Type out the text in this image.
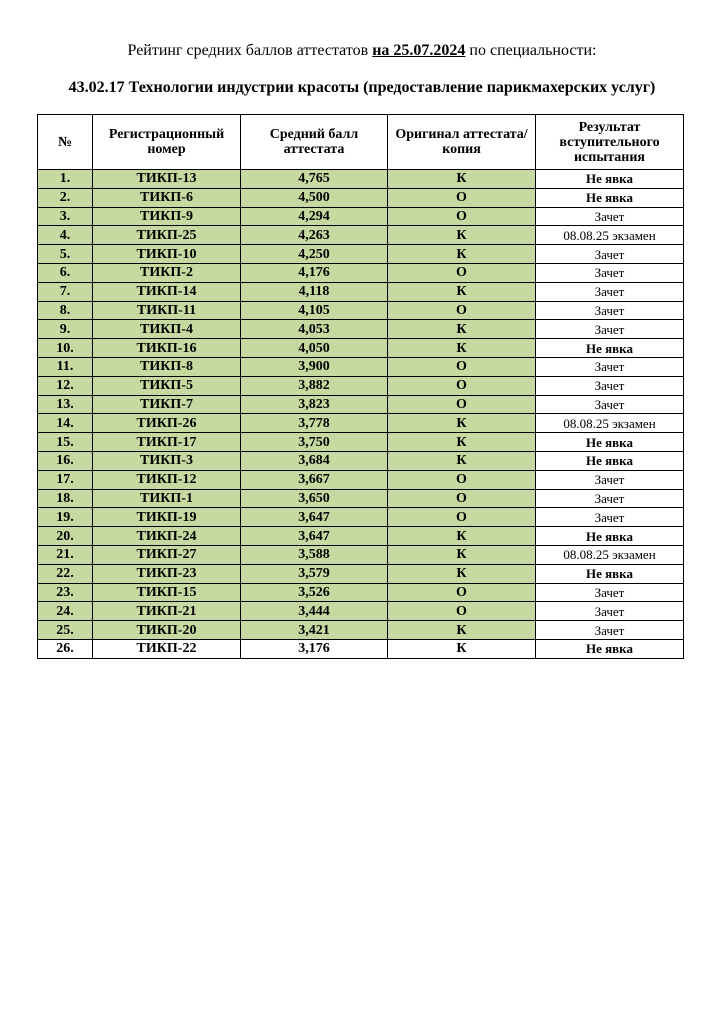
Рейтинг средних баллов аттестатов на 25.07.2024 по специальности:
43.02.17 Технологии индустрии красоты (предоставление парикмахерских услуг)
№	Регистрационный номер	Средний балл аттестата	Оригинал аттестата/ копия	Результат вступительного испытания
1.	ТИКП-13	4,765	К	Не явка
2.	ТИКП-6	4,500	О	Не явка
3.	ТИКП-9	4,294	О	Зачет
4.	ТИКП-25	4,263	К	08.08.25 экзамен
5.	ТИКП-10	4,250	К	Зачет
6.	ТИКП-2	4,176	О	Зачет
7.	ТИКП-14	4,118	К	Зачет
8.	ТИКП-11	4,105	О	Зачет
9.	ТИКП-4	4,053	К	Зачет
10.	ТИКП-16	4,050	К	Не явка
11.	ТИКП-8	3,900	О	Зачет
12.	ТИКП-5	3,882	О	Зачет
13.	ТИКП-7	3,823	О	Зачет
14.	ТИКП-26	3,778	К	08.08.25 экзамен
15.	ТИКП-17	3,750	К	Не явка
16.	ТИКП-3	3,684	К	Не явка
17.	ТИКП-12	3,667	О	Зачет
18.	ТИКП-1	3,650	О	Зачет
19.	ТИКП-19	3,647	О	Зачет
20.	ТИКП-24	3,647	К	Не явка
21.	ТИКП-27	3,588	К	08.08.25 экзамен
22.	ТИКП-23	3,579	К	Не явка
23.	ТИКП-15	3,526	О	Зачет
24.	ТИКП-21	3,444	О	Зачет
25.	ТИКП-20	3,421	К	Зачет
26.	ТИКП-22	3,176	К	Не явка
